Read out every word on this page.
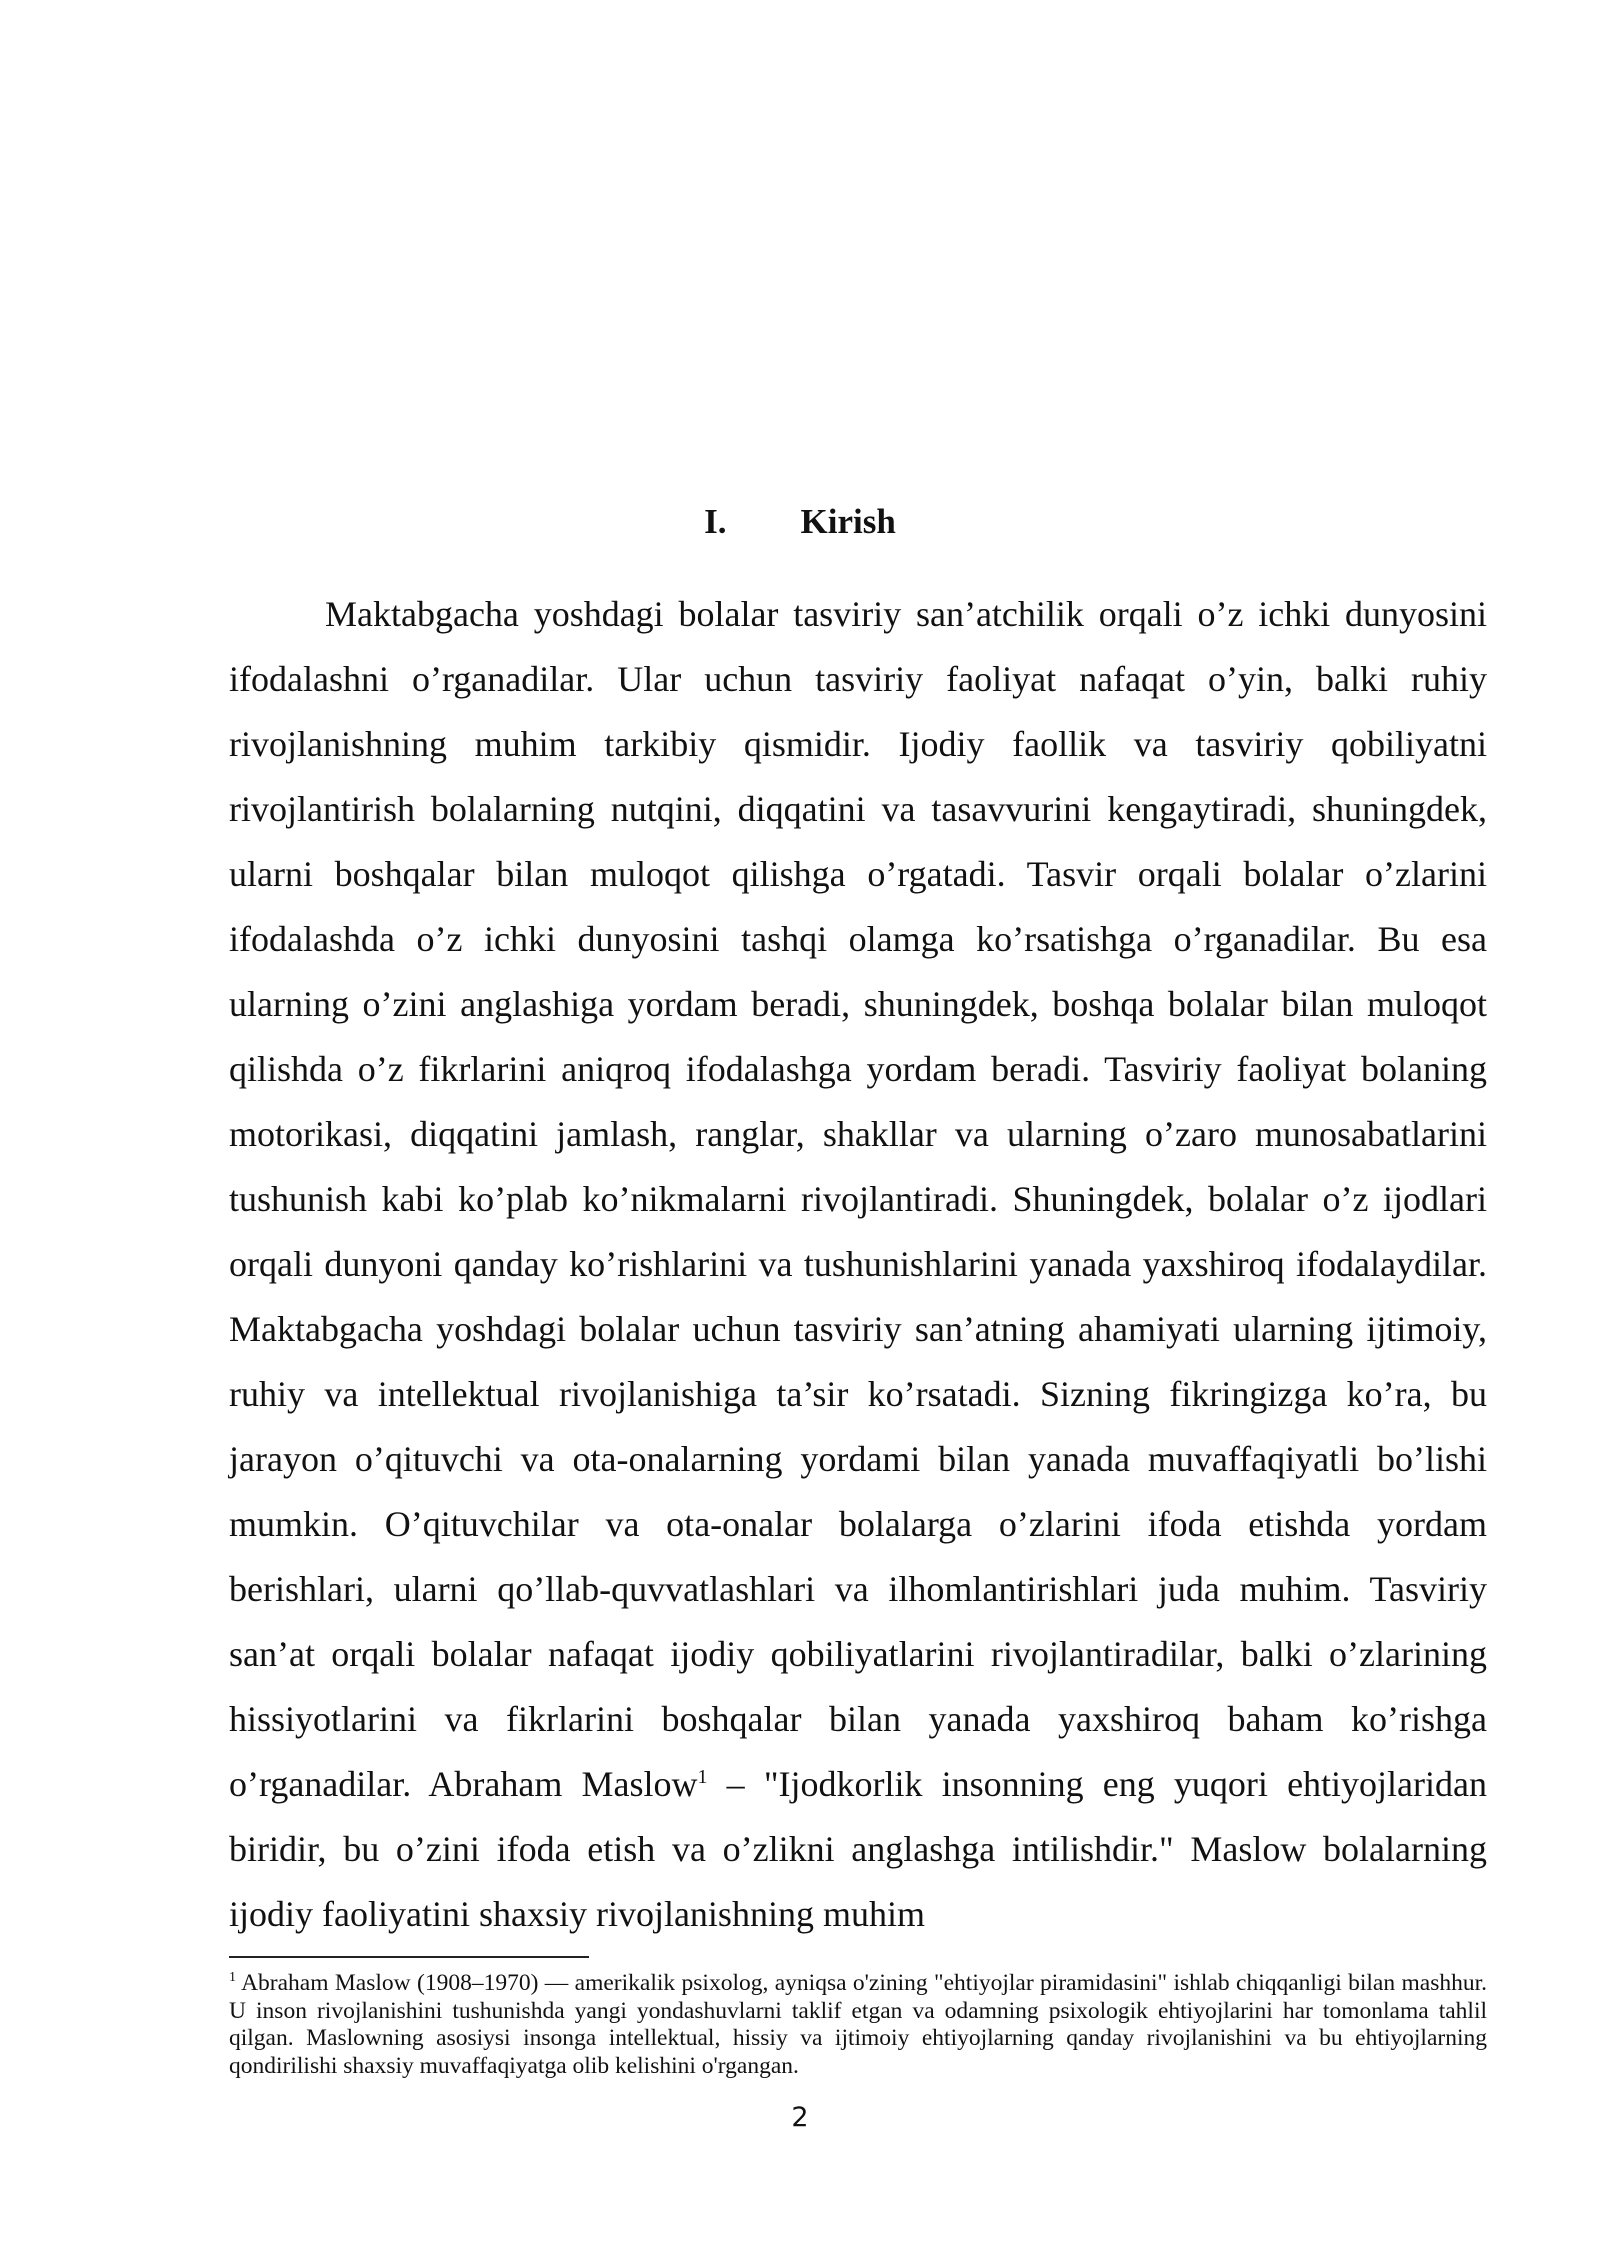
I. Kirish

Maktabgacha yoshdagi bolalar tasviriy san’atchilik orqali o’z ichki dunyosini ifodalashni o’rganadilar. Ular uchun tasviriy faoliyat nafaqat o’yin, balki ruhiy rivojlanishning muhim tarkibiy qismidir. Ijodiy faollik va tasviriy qobiliyatni rivojlantirish bolalarning nutqini, diqqatini va tasavvurini kengaytiradi, shuningdek, ularni boshqalar bilan muloqot qilishga o’rgatadi. Tasvir orqali bolalar o’zlarini ifodalashda o’z ichki dunyosini tashqi olamga ko’rsatishga o’rganadilar. Bu esa ularning o’zini anglashiga yordam beradi, shuningdek, boshqa bolalar bilan muloqot qilishda o’z fikrlarini aniqroq ifodalashga yordam beradi. Tasviriy faoliyat bolaning motorikasi, diqqatini jamlash, ranglar, shakllar va ularning o’zaro munosabatlarini tushunish kabi ko’plab ko’nikmalarni rivojlantiradi. Shuningdek, bolalar o’z ijodlari orqali dunyoni qanday ko’rishlarini va tushunishlarini yanada yaxshiroq ifodalaydilar. Maktabgacha yoshdagi bolalar uchun tasviriy san’atning ahamiyati ularning ijtimoiy, ruhiy va intellektual rivojlanishiga ta’sir ko’rsatadi. Sizning fikringizga ko’ra, bu jarayon o’qituvchi va ota-onalarning yordami bilan yanada muvaffaqiyatli bo’lishi mumkin. O’qituvchilar va ota-onalar bolalarga o’zlarini ifoda etishda yordam berishlari, ularni qo’llab-quvvatlashlari va ilhomlantirishlari juda muhim. Tasviriy san’at orqali bolalar nafaqat ijodiy qobiliyatlarini rivojlantiradilar, balki o’zlarining hissiyotlarini va fikrlarini boshqalar bilan yanada yaxshiroq baham ko’rishga o’rganadilar. Abraham Maslow$^1$ – "Ijodkorlik insonning eng yuqori ehtiyojlaridan biridir, bu o’zini ifoda etish va o’zlikni anglashga intilishdir." Maslow bolalarning ijodiy faoliyatini shaxsiy rivojlanishning muhim

$^1$ Abraham Maslow (1908–1970) — amerikalik psixolog, ayniqsa o'zining "ehtiyojlar piramidasini" ishlab chiqqanligi bilan mashhur. U inson rivojlanishini tushunishda yangi yondashuvlarni taklif etgan va odamning psixologik ehtiyojlarini har tomonlama tahlil qilgan. Maslowning asosiysi insonga intellektual, hissiy va ijtimoiy ehtiyojlarning qanday rivojlanishini va bu ehtiyojlarning qondirilishi shaxsiy muvaffaqiyatga olib kelishini o'rgangan.

2
